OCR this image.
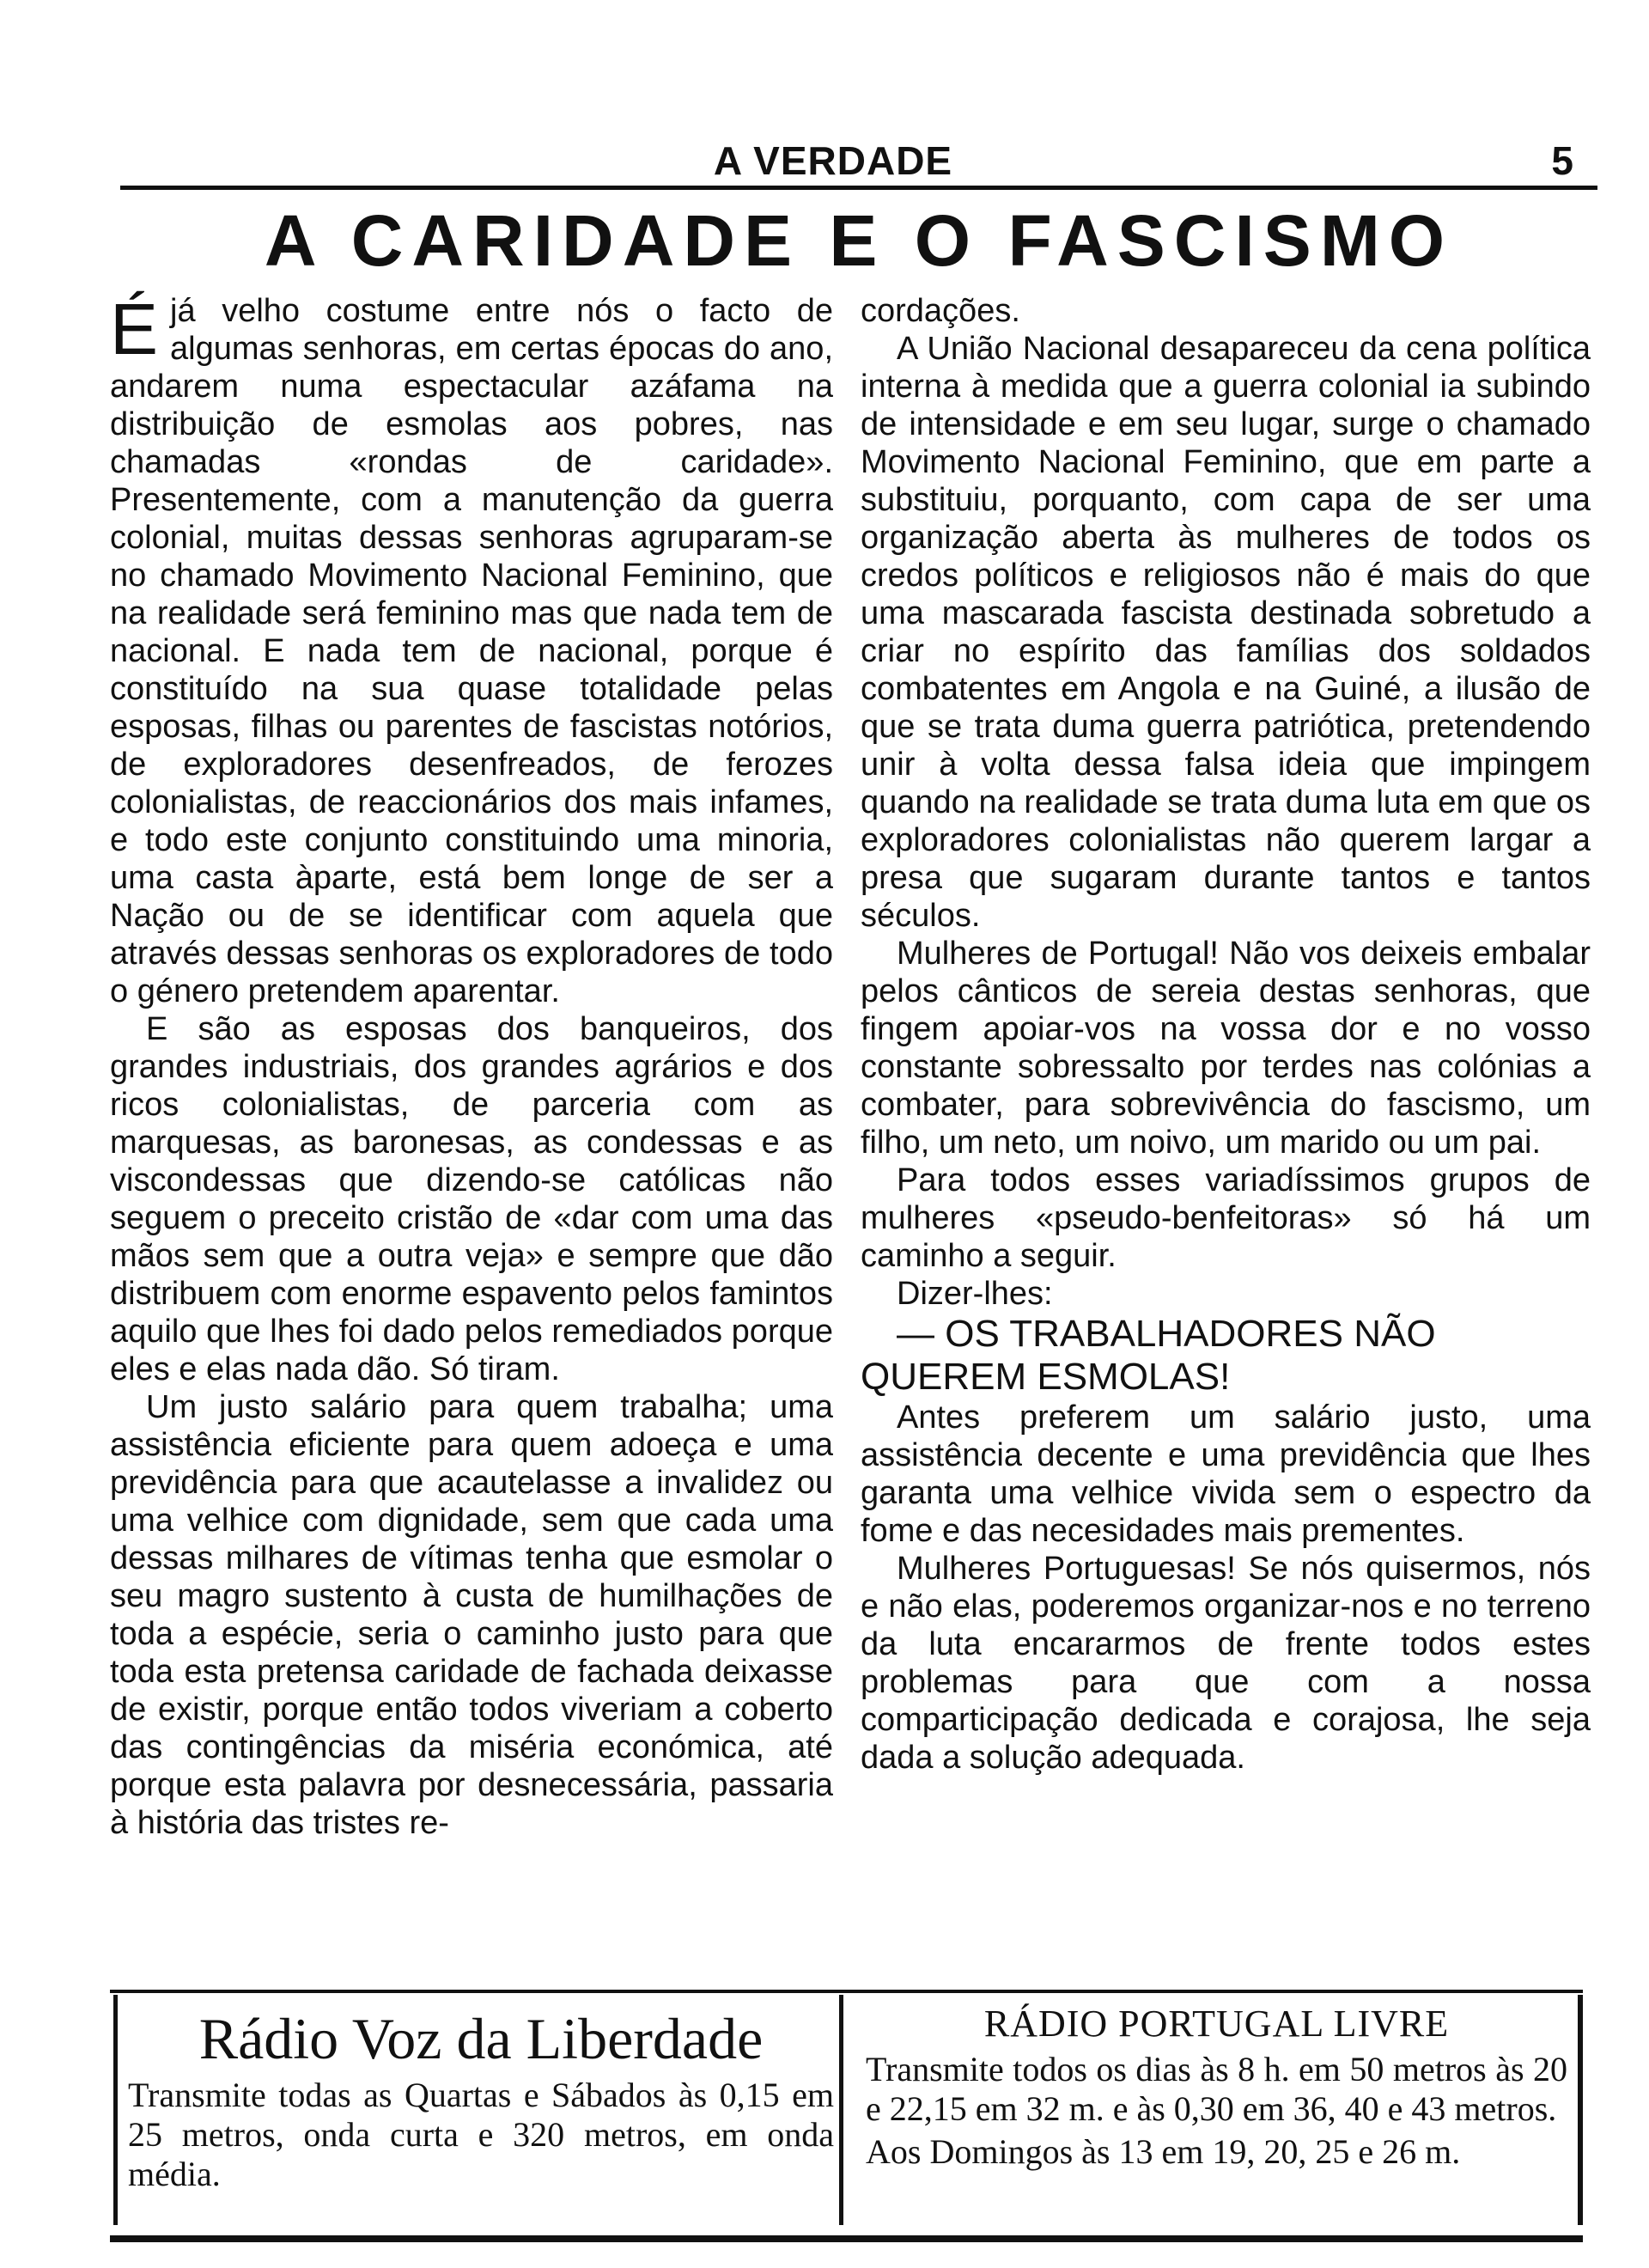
A VERDADE	5
A CARIDADE E O FASCISMO

Éjá velho costume entre nós o facto de algumas senhoras, em certas épocas do ano, andarem numa espectacular azáfama na distribuição de esmolas aos pobres, nas chamadas «rondas de caridade». Presentemente, com a manutenção da guerra colonial, muitas dessas senhoras agruparam-se no chamado Movimento Nacional Feminino, que na realidade será feminino mas que nada tem de nacional. E nada tem de nacional, porque é constituído na sua quase totalidade pelas esposas, filhas ou parentes de fascistas notórios, de exploradores desenfreados, de ferozes colonialistas, de reaccionários dos mais infames, e todo este conjunto constituindo uma minoria, uma casta àparte, está bem longe de ser a Nação ou de se identificar com aquela que através dessas senhoras os exploradores de todo o género pretendem aparentar.

E são as esposas dos banqueiros, dos grandes industriais, dos grandes agrários e dos ricos colonialistas, de parceria com as marquesas, as baronesas, as condessas e as viscondessas que dizendo-se católicas não seguem o preceito cristão de «dar com uma das mãos sem que a outra veja» e sempre que dão distribuem com enorme espavento pelos famintos aquilo que lhes foi dado pelos remediados porque eles e elas nada dão. Só tiram.

Um justo salário para quem trabalha; uma assistência eficiente para quem adoeça e uma previdência para que acautelasse a invalidez ou uma velhice com dignidade, sem que cada uma dessas milhares de vítimas tenha que esmolar o seu magro sustento à custa de humilhações de toda a espécie, seria o caminho justo para que toda esta pretensa caridade de fachada deixasse de existir, porque então todos viveriam a coberto das contingências da miséria económica, até porque esta palavra por desnecessária, passaria à história das tristes re-

cordações.

A União Nacional desapareceu da cena política interna à medida que a guerra colonial ia subindo de intensidade e em seu lugar, surge o chamado Movimento Nacional Feminino, que em parte a substituiu, porquanto, com capa de ser uma organização aberta às mulheres de todos os credos políticos e religiosos não é mais do que uma mascarada fascista destinada sobretudo a criar no espírito das famílias dos soldados combatentes em Angola e na Guiné, a ilusão de que se trata duma guerra patriótica, pretendendo unir à volta dessa falsa ideia que impingem quando na realidade se trata duma luta em que os exploradores colonialistas não querem largar a presa que sugaram durante tantos e tantos séculos.

Mulheres de Portugal! Não vos deixeis embalar pelos cânticos de sereia destas senhoras, que fingem apoiar-vos na vossa dor e no vosso constante sobressalto por terdes nas colónias a combater, para sobrevivência do fascismo, um filho, um neto, um noivo, um marido ou um pai.

Para todos esses variadíssimos grupos de mulheres «pseudo-benfeitoras» só há um caminho a seguir.

Dizer-lhes:

— OS TRABALHADORES NÃO QUEREM ESMOLAS!

Antes preferem um salário justo, uma assistência decente e uma previdência que lhes garanta uma velhice vivida sem o espectro da fome e das necesidades mais prementes.

Mulheres Portuguesas! Se nós quisermos, nós e não elas, poderemos organizar-nos e no terreno da luta encararmos de frente todos estes problemas para que com a nossa comparticipação dedicada e corajosa, lhe seja dada a solução adequada.

Rádio Voz da Liberdade
Transmite todas as Quartas e Sábados às 0,15 em 25 metros, onda curta e 320 metros, em onda média.
RÁDIO PORTUGAL LIVRE
Transmite todos os dias às 8 h. em 50 metros às 20 e 22,15 em 32 m. e às 0,30 em 36, 40 e 43 metros.
Aos Domingos às 13 em 19, 20, 25 e 26 m.
